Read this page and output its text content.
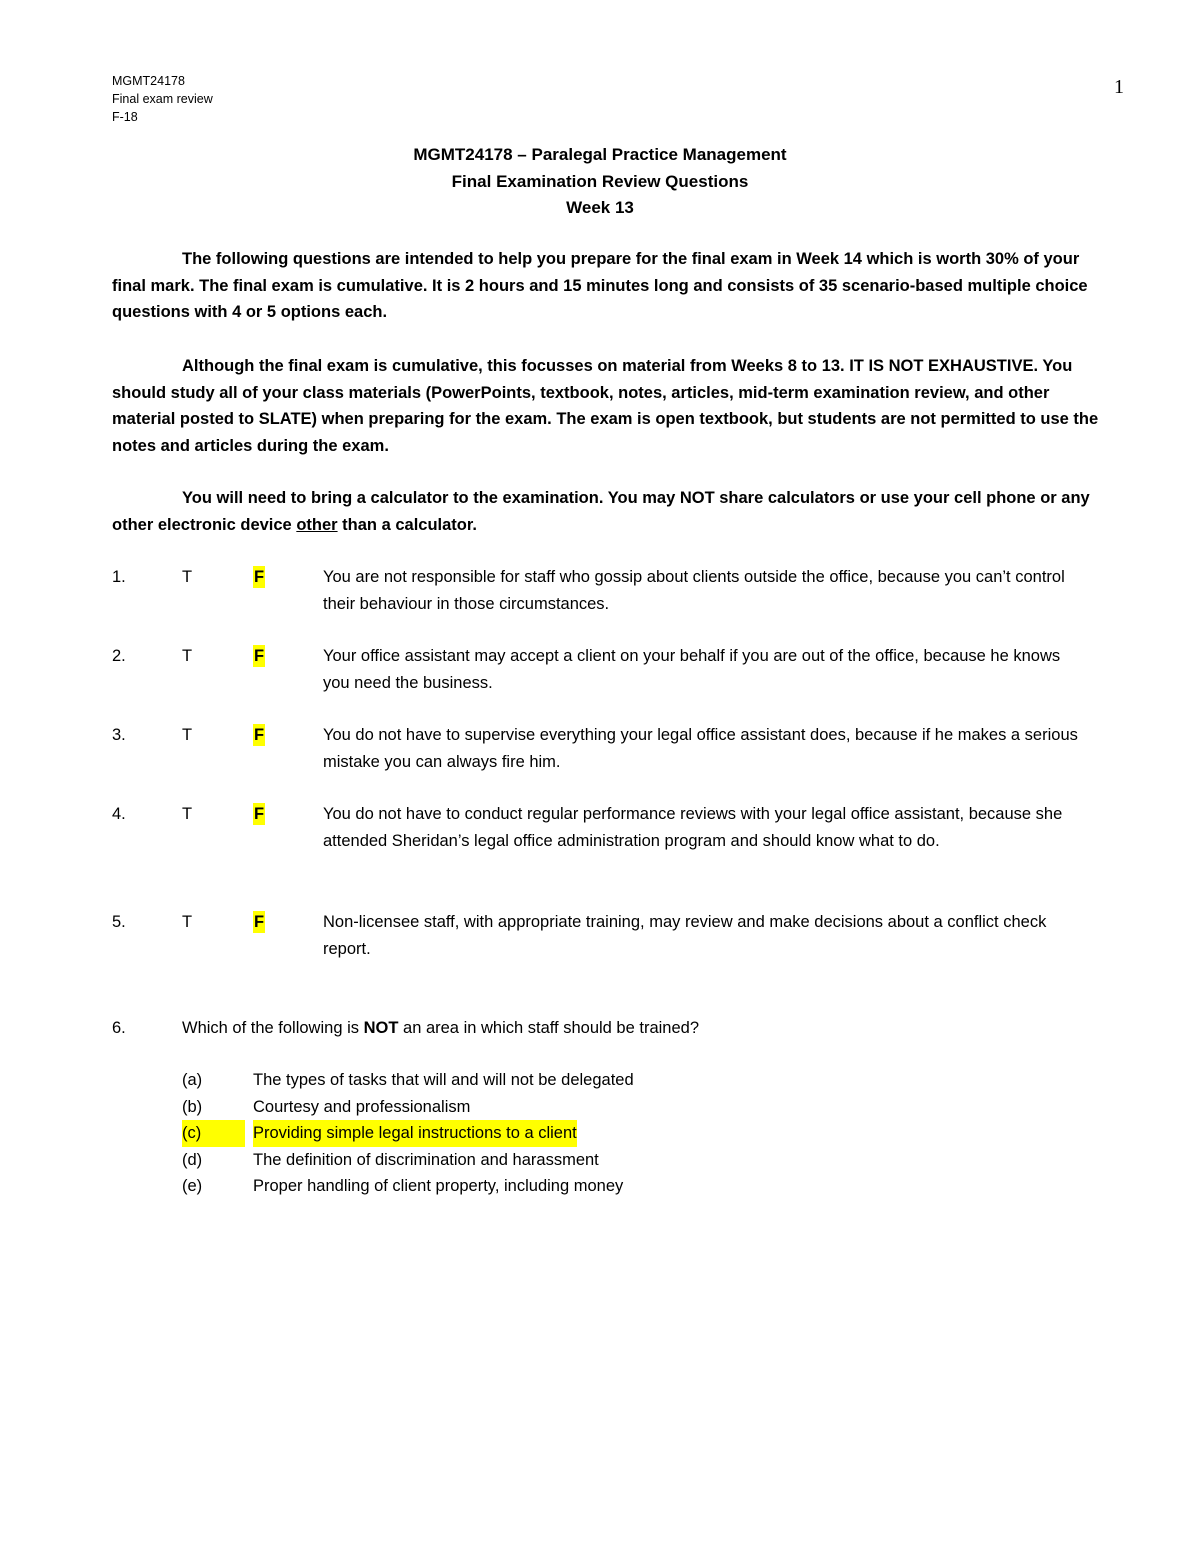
MGMT24178
Final exam review
F-18
1
MGMT24178 – Paralegal Practice Management
Final Examination Review Questions
Week 13

The following questions are intended to help you prepare for the final exam in Week 14 which is worth 30% of your final mark. The final exam is cumulative. It is 2 hours and 15 minutes long and consists of 35 scenario-based multiple choice questions with 4 or 5 options each.

Although the final exam is cumulative, this focusses on material from Weeks 8 to 13. IT IS NOT EXHAUSTIVE. You should study all of your class materials (PowerPoints, textbook, notes, articles, mid-term examination review, and other material posted to SLATE) when preparing for the exam. The exam is open textbook, but students are not permitted to use the notes and articles during the exam.

You will need to bring a calculator to the examination. You may NOT share calculators or use your cell phone or any other electronic device other than a calculator.

1.	T	F	You are not responsible for staff who gossip about clients outside the office, because you can’t control their behaviour in those circumstances.
2.	T	F	Your office assistant may accept a client on your behalf if you are out of the office, because he knows you need the business.
3.	T	F	You do not have to supervise everything your legal office assistant does, because if he makes a serious mistake you can always fire him.
4.	T	F	You do not have to conduct regular performance reviews with your legal office assistant, because she attended Sheridan’s legal office administration program and should know what to do.
5.	T	F	Non-licensee staff, with appropriate training, may review and make decisions about a conflict check report.
6.	Which of the following is NOT an area in which staff should be trained?
(a)	The types of tasks that will and will not be delegated
(b)	Courtesy and professionalism
(c)	Providing simple legal instructions to a client
(d)	The definition of discrimination and harassment
(e)	Proper handling of client property, including money
